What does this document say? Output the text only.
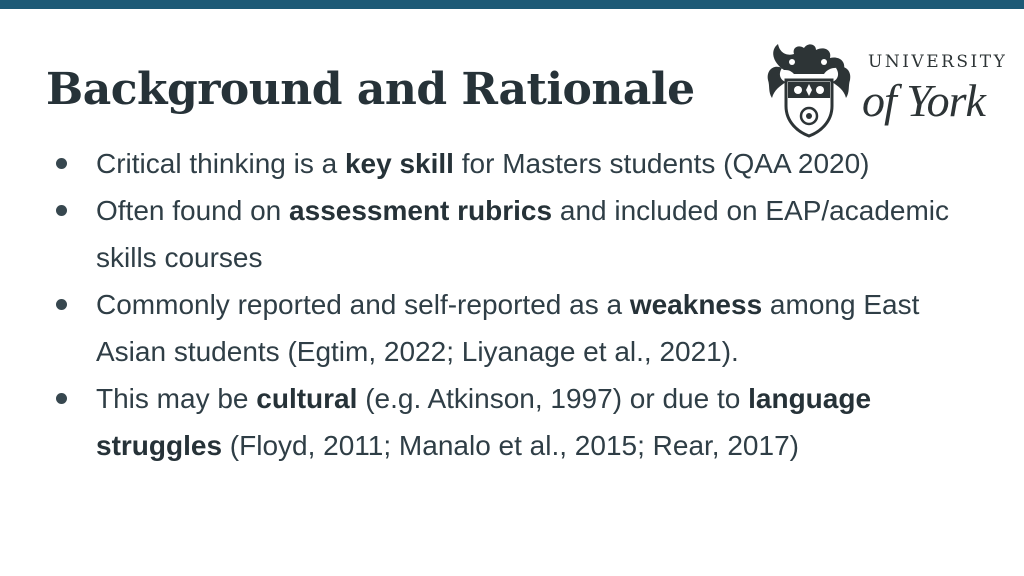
Background and Rationale
UNIVERSITY
of York
Critical thinking is a key skill for Masters students (QAA 2020)
Often found on assessment rubrics and included on EAP/academic skills courses
Commonly reported and self-reported as a weakness among East Asian students (Egtim, 2022; Liyanage et al., 2021).
This may be cultural (e.g. Atkinson, 1997) or due to language struggles (Floyd, 2011; Manalo et al., 2015; Rear, 2017)
